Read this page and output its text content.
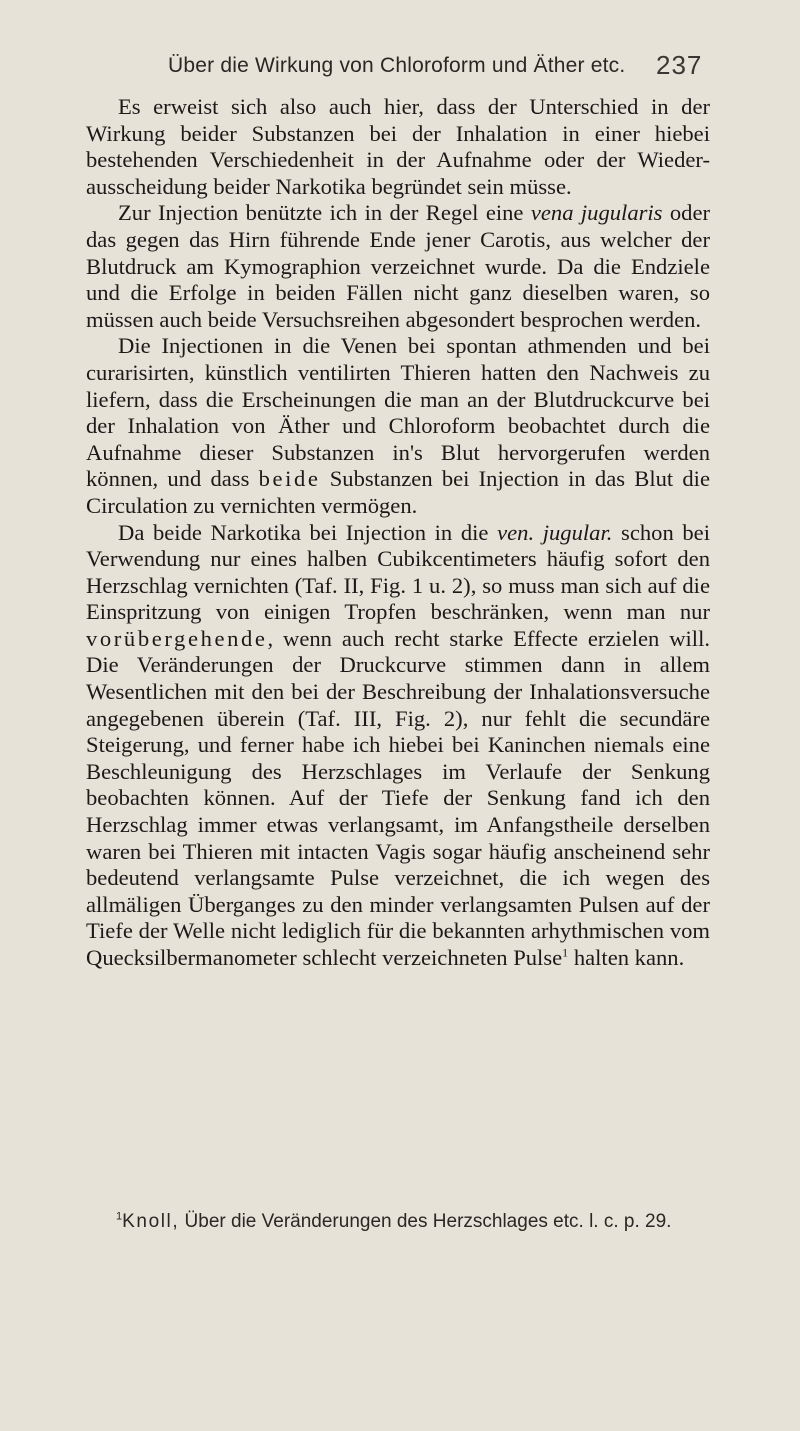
Über die Wirkung von Chloroform und Äther etc. 237

Es erweist sich also auch hier, dass der Unterschied in der Wirkung beider Substanzen bei der Inhalation in einer hiebei bestehenden Verschiedenheit in der Aufnahme oder der Wieder-ausscheidung beider Narkotika begründet sein müsse.

Zur Injection benützte ich in der Regel eine vena jugularis oder das gegen das Hirn führende Ende jener Carotis, aus welcher der Blutdruck am Kymographion verzeichnet wurde. Da die Endziele und die Erfolge in beiden Fällen nicht ganz dieselben waren, so müssen auch beide Versuchsreihen abgesondert besprochen werden.

Die Injectionen in die Venen bei spontan athmenden und bei curarisirten, künstlich ventilirten Thieren hatten den Nachweis zu liefern, dass die Erscheinungen die man an der Blutdruckcurve bei der Inhalation von Äther und Chloroform beobachtet durch die Aufnahme dieser Substanzen in's Blut hervorgerufen werden können, und dass beide Substanzen bei Injection in das Blut die Circulation zu vernichten vermögen.

Da beide Narkotika bei Injection in die ven. jugular. schon bei Verwendung nur eines halben Cubikcentimeters häufig sofort den Herzschlag vernichten (Taf. II, Fig. 1 u. 2), so muss man sich auf die Einspritzung von einigen Tropfen beschränken, wenn man nur vorübergehende, wenn auch recht starke Effecte erzielen will. Die Veränderungen der Druckcurve stimmen dann in allem Wesentlichen mit den bei der Beschreibung der Inhalationsversuche angegebenen überein (Taf. III, Fig. 2), nur fehlt die secundäre Steigerung, und ferner habe ich hiebei bei Kaninchen niemals eine Beschleunigung des Herzschlages im Verlaufe der Senkung beobachten können. Auf der Tiefe der Senkung fand ich den Herzschlag immer etwas verlangsamt, im Anfangstheile derselben waren bei Thieren mit intacten Vagis sogar häufig anscheinend sehr bedeutend verlangsamte Pulse verzeichnet, die ich wegen des allmäligen Überganges zu den minder verlangsamten Pulsen auf der Tiefe der Welle nicht lediglich für die bekannten arhythmischen vom Quecksilbermanometer schlecht verzeichneten Pulse$^1$ halten kann.

$^1$Knoll, Über die Veränderungen des Herzschlages etc. l. c. p. 29.
